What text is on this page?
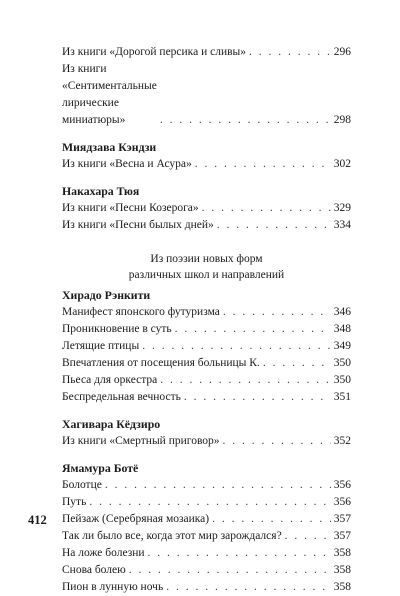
Из книги «Дорогой персика и сливы» . . .	296
Из книги «Сентиментальные лирические миниатюры» . . .	298
Миядзава Кэндзи
Из книги «Весна и Асура» . . .	302
Накахара Тюя
Из книги «Песни Козерога» . . .	329
Из книги «Песни былых дней» . . .	334
Из поэзии новых форм
различных школ и направлений
Хирадо Рэнкити
Манифест японского футуризма . . .	346
Проникновение в суть . . .	348
Летящие птицы . . .	349
Впечатления от посещения больницы К. . . .	350
Пьеса для оркестра . . .	350
Беспредельная вечность . . .	351
Хагивара Кёдзиро
Из книги «Смертный приговор» . . .	352
Ямамура Ботё
Болотце . . .	356
Путь . . .	356
Пейзаж (Серебряная мозаика) . . .	357
Так ли было все, когда этот мир зарождался? . . .	357
На ложе болезни . . .	358
Снова болею . . .	358
Пион в лунную ночь . . .	358
412
